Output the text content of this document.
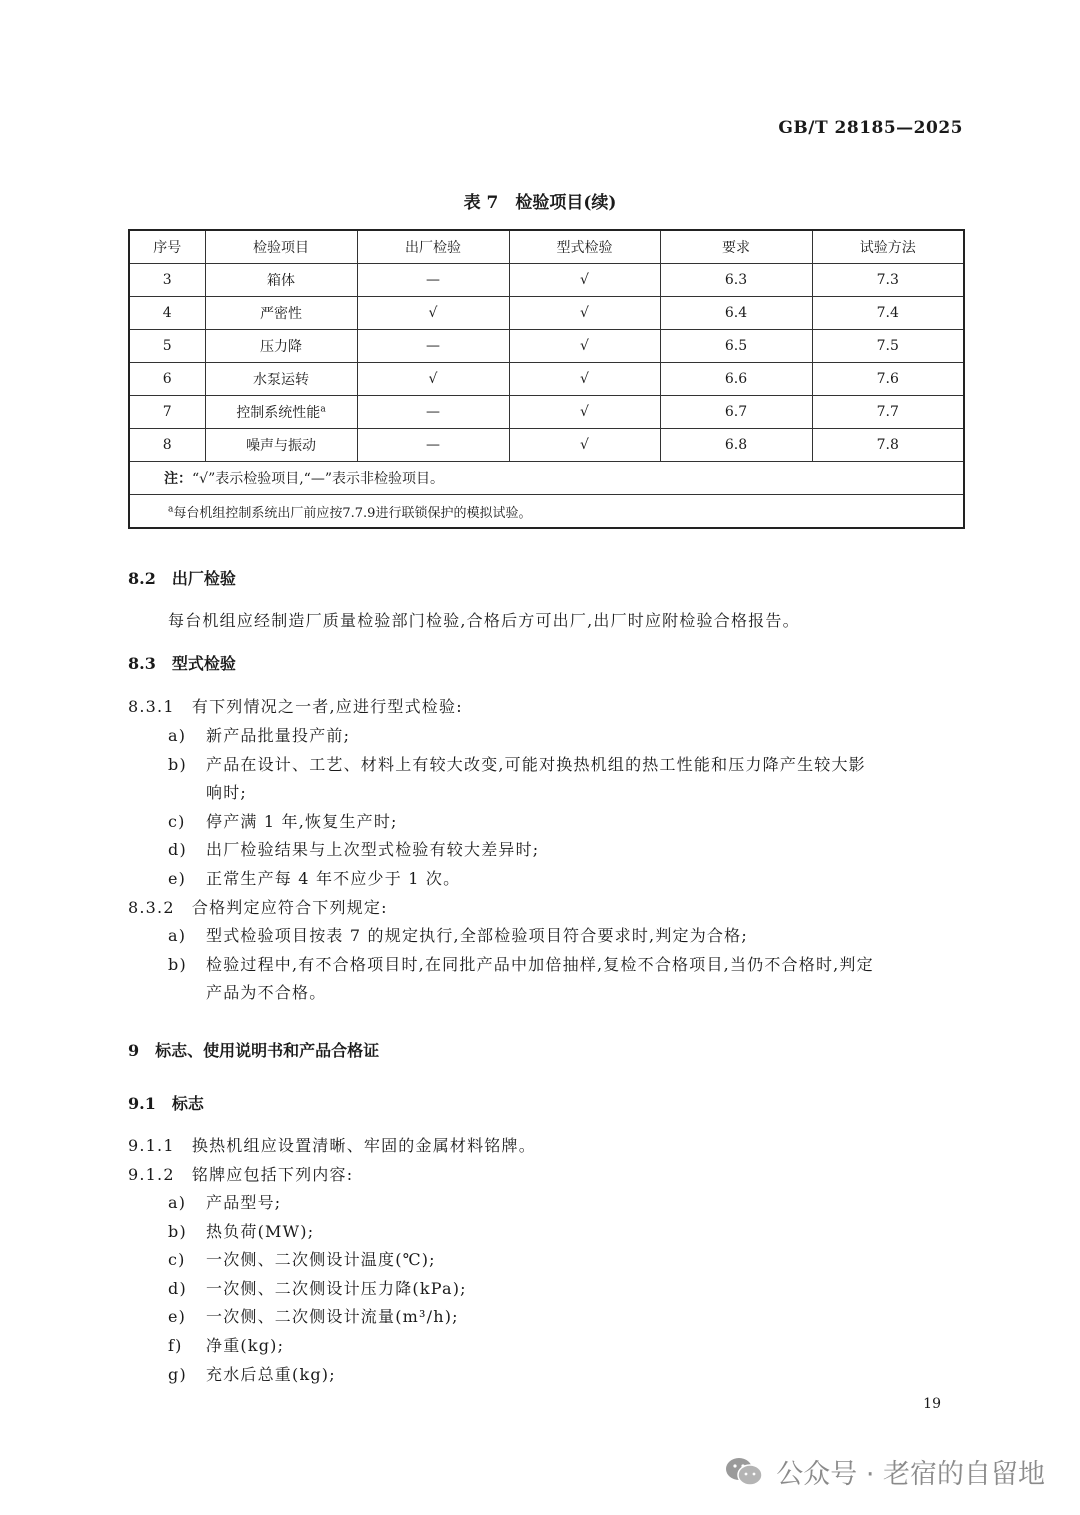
GB/T 28185—2025
表 7　检验项目(续)
序号	检验项目	出厂检验	型式检验	要求	试验方法
3	箱体	—	√	6.3	7.3
4	严密性	√	√	6.4	7.4
5	压力降	—	√	6.5	7.5
6	水泵运转	√	√	6.6	7.6
7	控制系统性能$^a$	—	√	6.7	7.7
8	噪声与振动	—	√	6.8	7.8
注：“√”表示检验项目,“—”表示非检验项目。					
$^a$每台机组控制系统出厂前应按7.7.9进行联锁保护的模拟试验。					
8.2　出厂检验
每台机组应经制造厂质量检验部门检验,合格后方可出厂,出厂时应附检验合格报告。
8.3　型式检验
8.3.1　有下列情况之一者,应进行型式检验:
a) 新产品批量投产前;
b) 产品在设计、工艺、材料上有较大改变,可能对换热机组的热工性能和压力降产生较大影
响时;
c) 停产满 1 年,恢复生产时;
d) 出厂检验结果与上次型式检验有较大差异时;
e) 正常生产每 4 年不应少于 1 次。
8.3.2　合格判定应符合下列规定:
a) 型式检验项目按表 7 的规定执行,全部检验项目符合要求时,判定为合格;
b) 检验过程中,有不合格项目时,在同批产品中加倍抽样,复检不合格项目,当仍不合格时,判定
产品为不合格。
9　标志、使用说明书和产品合格证
9.1　标志
9.1.1　换热机组应设置清晰、牢固的金属材料铭牌。
9.1.2　铭牌应包括下列内容:
a) 产品型号;
b) 热负荷(MW);
c) 一次侧、二次侧设计温度(℃);
d) 一次侧、二次侧设计压力降(kPa);
e) 一次侧、二次侧设计流量(m³/h);
f) 净重(kg);
g) 充水后总重(kg);
19
公众号 · 老宿的自留地
